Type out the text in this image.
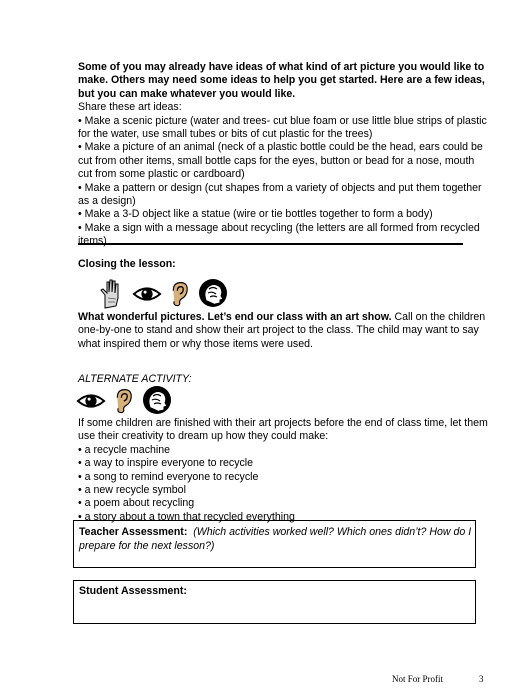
Some of you may already have ideas of what kind of art picture you would like to
make. Others may need some ideas to help you get started. Here are a few ideas,
but you can make whatever you would like.
Share these art ideas:
• Make a scenic picture (water and trees- cut blue foam or use little blue strips of plastic
for the water, use small tubes or bits of cut plastic for the trees)
• Make a picture of an animal (neck of a plastic bottle could be the head, ears could be
cut from other items, small bottle caps for the eyes, button or bead for a nose, mouth
cut from some plastic or cardboard)
• Make a pattern or design (cut shapes from a variety of objects and put them together
as a design)
• Make a 3-D object like a statue (wire or tie bottles together to form a body)
• Make a sign with a message about recycling (the letters are all formed from recycled
items)
Closing the lesson:
What wonderful pictures. Let’s end our class with an art show. Call on the children
one-by-one to stand and show their art project to the class. The child may want to say
what inspired them or why those items were used.
ALTERNATE ACTIVITY:
If some children are finished with their art projects before the end of class time, let them
use their creativity to dream up how they could make:
• a recycle machine
• a way to inspire everyone to recycle
• a song to remind everyone to recycle
• a new recycle symbol
• a poem about recycling
• a story about a town that recycled everything
Teacher Assessment: (Which activities worked well? Which ones didn’t? How do I
prepare for the next lesson?)
Student Assessment:
Not For Profit	3
